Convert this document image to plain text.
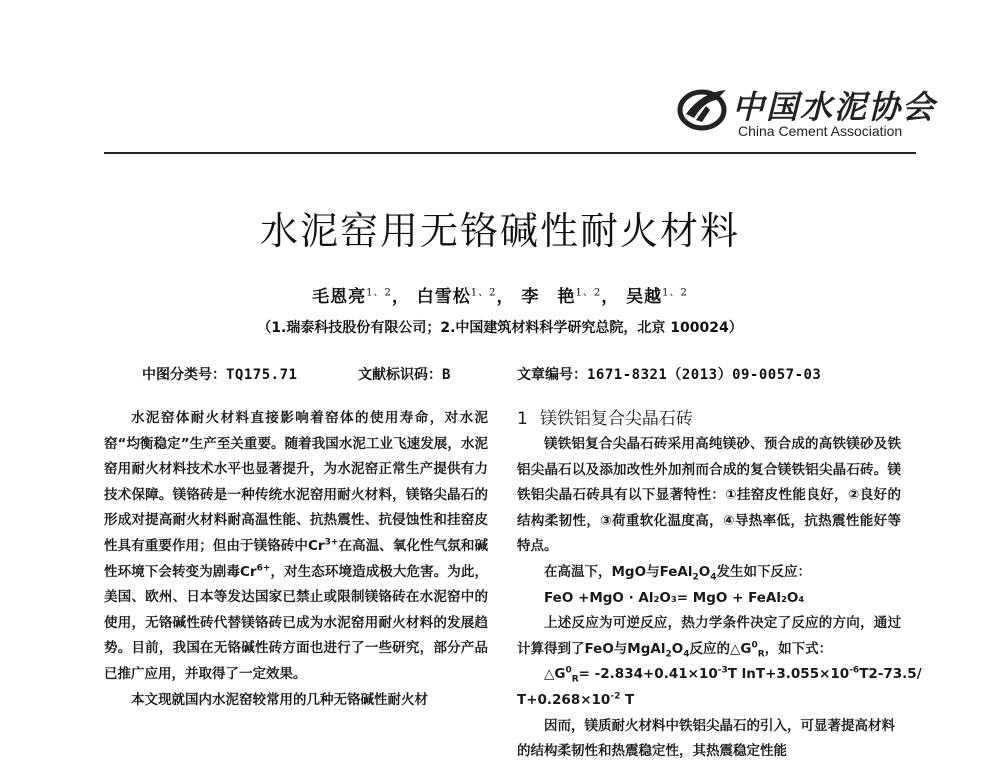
中国水泥协会
China Cement Association
水泥窑用无铬碱性耐火材料
毛恩亮$^{1、2}$， 白雪松$^{1、2}$， 李　艳$^{1、2}$， 吴越$^{1、2}$
（1.瑞泰科技股份有限公司；2.中国建筑材料科学研究总院，北京 100024）
中图分类号：TQ175.71	文献标识码：B	文章编号：1671-8321（2013）09-0057-03

水泥窑体耐火材料直接影响着窑体的使用寿命，对水泥窑“均衡稳定”生产至关重要。随着我国水泥工业飞速发展，水泥窑用耐火材料技术水平也显著提升，为水泥窑正常生产提供有力技术保障。镁铬砖是一种传统水泥窑用耐火材料，镁铬尖晶石的形成对提高耐火材料耐高温性能、抗热震性、抗侵蚀性和挂窑皮性具有重要作用；但由于镁铬砖中$Cr^{3+}$在高温、氧化性气氛和碱性环境下会转变为剧毒$Cr^{6+}$，对生态环境造成极大危害。为此，美国、欧州、日本等发达国家已禁止或限制镁铬砖在水泥窑中的使用，无铬碱性砖代替镁铬砖已成为水泥窑用耐火材料的发展趋势。目前，我国在无铬碱性砖方面也进行了一些研究，部分产品已推广应用，并取得了一定效果。

本文现就国内水泥窑较常用的几种无铬碱性耐火材

1 镁铁铝复合尖晶石砖

镁铁铝复合尖晶石砖采用高纯镁砂、预合成的高铁镁砂及铁铝尖晶石以及添加改性外加剂而合成的复合镁铁铝尖晶石砖。镁铁铝尖晶石砖具有以下显著特性：①挂窑皮性能良好，②良好的结构柔韧性，③荷重软化温度高，④导热率低，抗热震性能好等特点。

在高温下，MgO与$FeAl_2O_4$发生如下反应：

FeO +MgO · Al₂O₃= MgO + FeAl₂O₄

上述反应为可逆反应，热力学条件决定了反应的方向，通过计算得到了FeO与$MgAl_2O_4$反应的$\triangle G^0_R$，如下式：

$\triangle G^0_R= -2.834+0.41\times 10^{-3}T$ $\ln T+3.055\times 10^{-6}T2-73.5/$

$T+0.268\times 10^{-2}$ T

因而，镁质耐火材料中铁铝尖晶石的引入，可显著提高材料的结构柔韧性和热震稳定性，其热震稳定性能
